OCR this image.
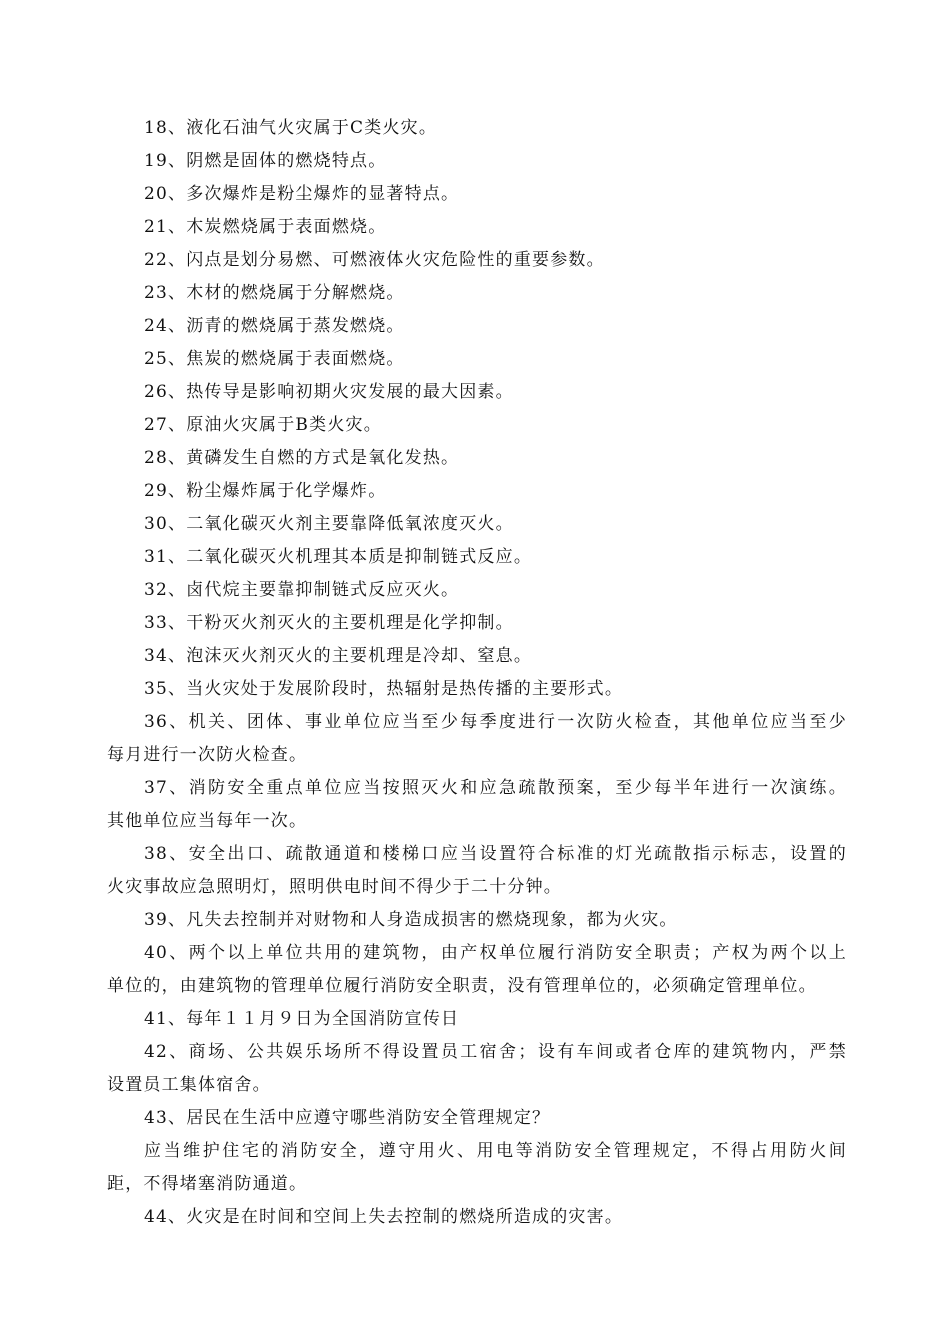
18、液化石油气火灾属于C类火灾。
19、阴燃是固体的燃烧特点。
20、多次爆炸是粉尘爆炸的显著特点。
21、木炭燃烧属于表面燃烧。
22、闪点是划分易燃、可燃液体火灾危险性的重要参数。
23、木材的燃烧属于分解燃烧。
24、沥青的燃烧属于蒸发燃烧。
25、焦炭的燃烧属于表面燃烧。
26、热传导是影响初期火灾发展的最大因素。
27、原油火灾属于B类火灾。
28、黄磷发生自燃的方式是氧化发热。
29、粉尘爆炸属于化学爆炸。
30、二氧化碳灭火剂主要靠降低氧浓度灭火。
31、二氧化碳灭火机理其本质是抑制链式反应。
32、卤代烷主要靠抑制链式反应灭火。
33、干粉灭火剂灭火的主要机理是化学抑制。
34、泡沫灭火剂灭火的主要机理是冷却、窒息。
35、当火灾处于发展阶段时，热辐射是热传播的主要形式。
36、机关、团体、事业单位应当至少每季度进行一次防火检查，其他单位应当至少
每月进行一次防火检查。
37、消防安全重点单位应当按照灭火和应急疏散预案，至少每半年进行一次演练。
其他单位应当每年一次。
38、安全出口、疏散通道和楼梯口应当设置符合标准的灯光疏散指示标志，设置的
火灾事故应急照明灯，照明供电时间不得少于二十分钟。
39、凡失去控制并对财物和人身造成损害的燃烧现象，都为火灾。
40、两个以上单位共用的建筑物，由产权单位履行消防安全职责；产权为两个以上
单位的，由建筑物的管理单位履行消防安全职责，没有管理单位的，必须确定管理单位。
41、每年１１月９日为全国消防宣传日
42、商场、公共娱乐场所不得设置员工宿舍；设有车间或者仓库的建筑物内，严禁
设置员工集体宿舍。
43、居民在生活中应遵守哪些消防安全管理规定？
应当维护住宅的消防安全，遵守用火、用电等消防安全管理规定，不得占用防火间
距，不得堵塞消防通道。
44、火灾是在时间和空间上失去控制的燃烧所造成的灾害。
